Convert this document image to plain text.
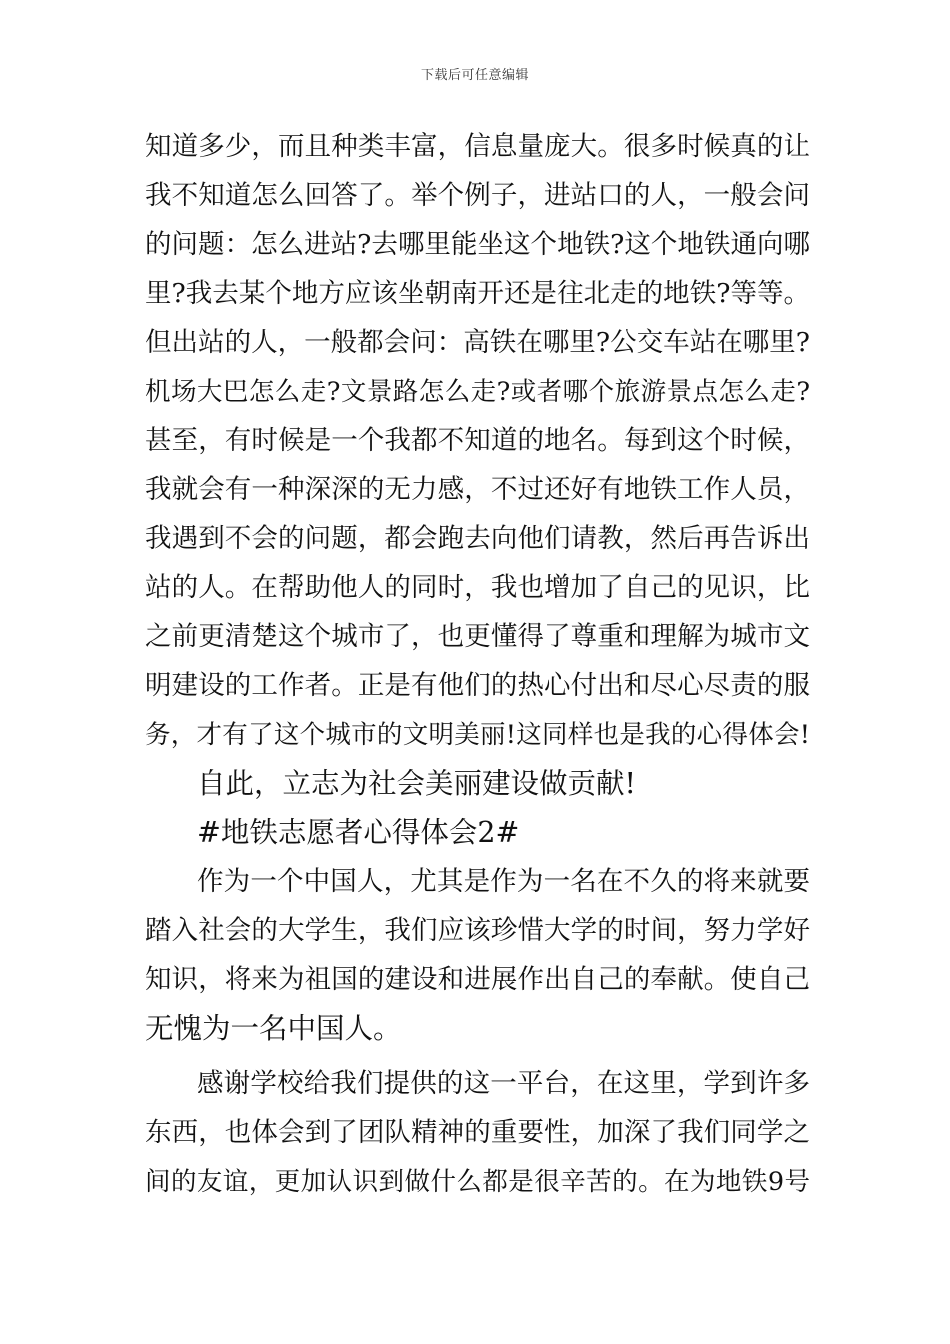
下载后可任意编辑
知道多少，而且种类丰富，信息量庞大。很多时候真的让
我不知道怎么回答了。举个例子，进站口的人，一般会问
的问题：怎么进站?去哪里能坐这个地铁?这个地铁通向哪
里?我去某个地方应该坐朝南开还是往北走的地铁?等等。
但出站的人，一般都会问：高铁在哪里?公交车站在哪里?
机场大巴怎么走?文景路怎么走?或者哪个旅游景点怎么走?
甚至，有时候是一个我都不知道的地名。每到这个时候，
我就会有一种深深的无力感，不过还好有地铁工作人员，
我遇到不会的问题，都会跑去向他们请教，然后再告诉出
站的人。在帮助他人的同时，我也增加了自己的见识，比
之前更清楚这个城市了，也更懂得了尊重和理解为城市文
明建设的工作者。正是有他们的热心付出和尽心尽责的服
务，才有了这个城市的文明美丽!这同样也是我的心得体会!
自此，立志为社会美丽建设做贡献!
#地铁志愿者心得体会2#
作为一个中国人，尤其是作为一名在不久的将来就要
踏入社会的大学生，我们应该珍惜大学的时间，努力学好
知识，将来为祖国的建设和进展作出自己的奉献。使自己
无愧为一名中国人。
感谢学校给我们提供的这一平台，在这里，学到许多
东西，也体会到了团队精神的重要性，加深了我们同学之
间的友谊，更加认识到做什么都是很辛苦的。在为地铁9号
